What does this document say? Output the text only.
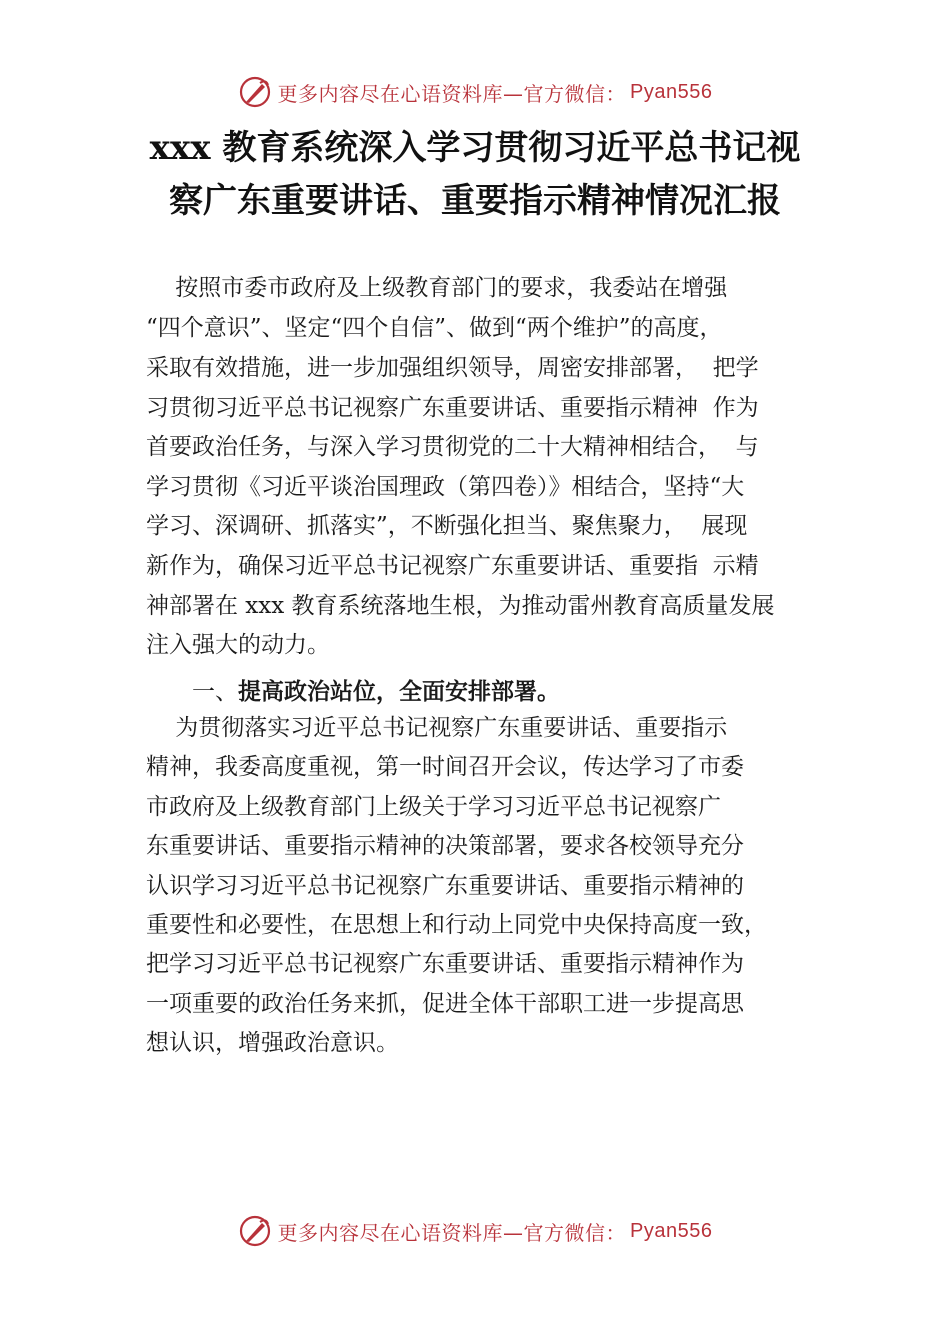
更多内容尽在心语资料库—官方微信： Pyan556
xxx 教育系统深入学习贯彻习近平总书记视
察广东重要讲话、重要指示精神情况汇报
按照市委市政府及上级教育部门的要求，我委站在增强
“四个意识”、坚定“四个自信”、做到“两个维护”的高度，
采取有效措施，进一步加强组织领导，周密安排部署，  把学
习贯彻习近平总书记视察广东重要讲话、重要指示精神  作为
首要政治任务，与深入学习贯彻党的二十大精神相结合，  与
学习贯彻《习近平谈治国理政（第四卷）》相结合，坚持“大
学习、深调研、抓落实”，不断强化担当、聚焦聚力，  展现
新作为，确保习近平总书记视察广东重要讲话、重要指  示精
神部署在 xxx 教育系统落地生根，为推动雷州教育高质量发展
注入强大的动力。
一、提高政治站位，全面安排部署。
为贯彻落实习近平总书记视察广东重要讲话、重要指示
精神，我委高度重视，第一时间召开会议，传达学习了市委
市政府及上级教育部门上级关于学习习近平总书记视察广
东重要讲话、重要指示精神的决策部署，要求各校领导充分
认识学习习近平总书记视察广东重要讲话、重要指示精神的
重要性和必要性，在思想上和行动上同党中央保持高度一致，
把学习习近平总书记视察广东重要讲话、重要指示精神作为
一项重要的政治任务来抓，促进全体干部职工进一步提高思
想认识，增强政治意识。
更多内容尽在心语资料库—官方微信： Pyan556
